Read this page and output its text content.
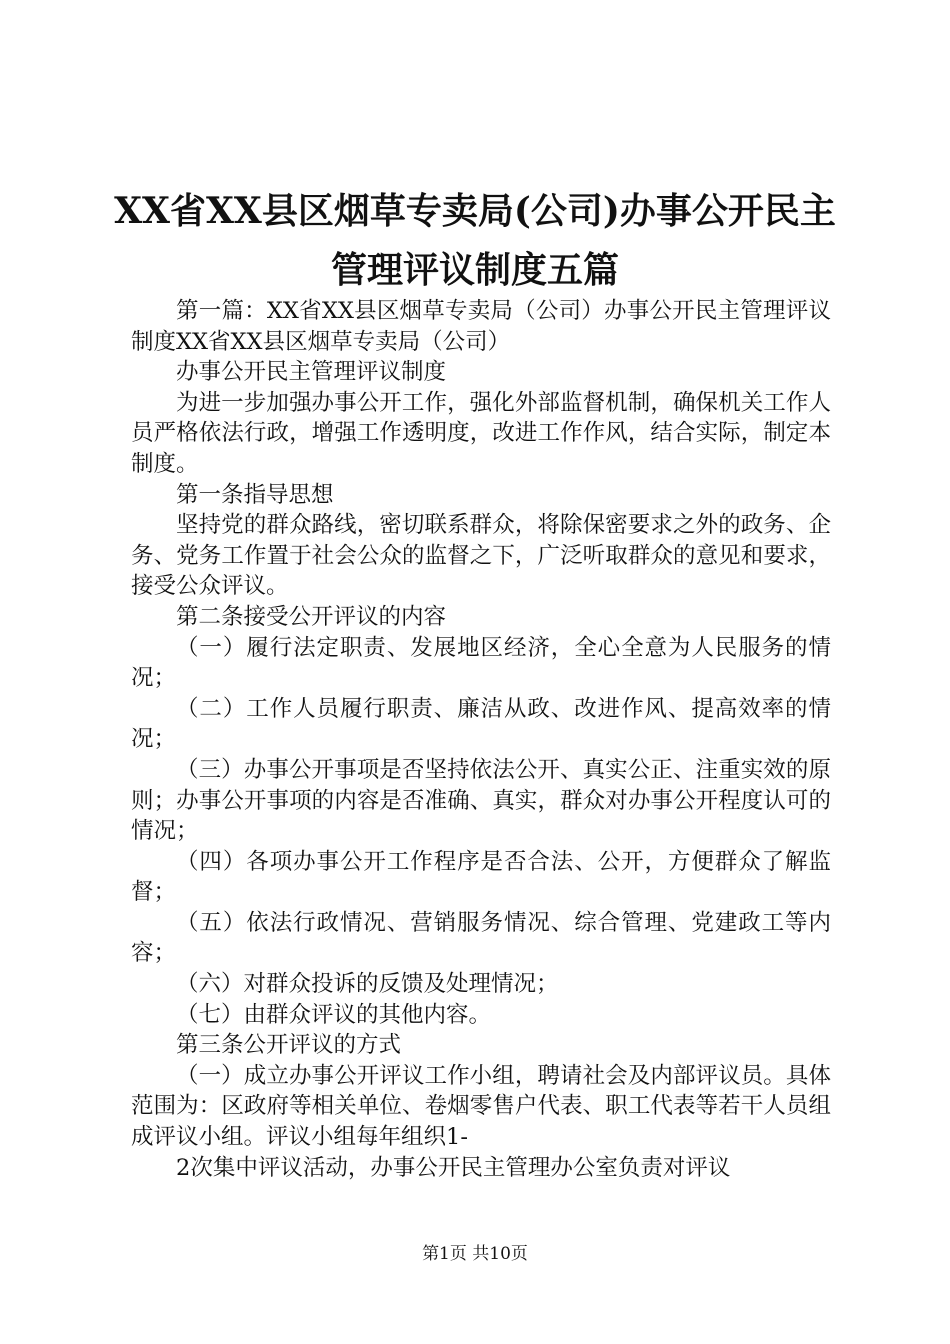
XX省XX县区烟草专卖局(公司)办事公开民主
管理评议制度五篇

第一篇：XX省XX县区烟草专卖局（公司）办事公开民主管理评议制度XX省XX县区烟草专卖局（公司）

办事公开民主管理评议制度

为进一步加强办事公开工作，强化外部监督机制，确保机关工作人员严格依法行政，增强工作透明度，改进工作作风，结合实际，制定本制度。

第一条指导思想

坚持党的群众路线，密切联系群众，将除保密要求之外的政务、企务、党务工作置于社会公众的监督之下，广泛听取群众的意见和要求，接受公众评议。

第二条接受公开评议的内容

（一）履行法定职责、发展地区经济，全心全意为人民服务的情况；

（二）工作人员履行职责、廉洁从政、改进作风、提高效率的情况；

（三）办事公开事项是否坚持依法公开、真实公正、注重实效的原则；办事公开事项的内容是否准确、真实，群众对办事公开程度认可的情况；

（四）各项办事公开工作程序是否合法、公开，方便群众了解监督；

（五）依法行政情况、营销服务情况、综合管理、党建政工等内容；

（六）对群众投诉的反馈及处理情况；

（七）由群众评议的其他内容。

第三条公开评议的方式

（一）成立办事公开评议工作小组，聘请社会及内部评议员。具体范围为：区政府等相关单位、卷烟零售户代表、职工代表等若干人员组成评议小组。评议小组每年组织1-

2次集中评议活动，办事公开民主管理办公室负责对评议

第1页 共10页
